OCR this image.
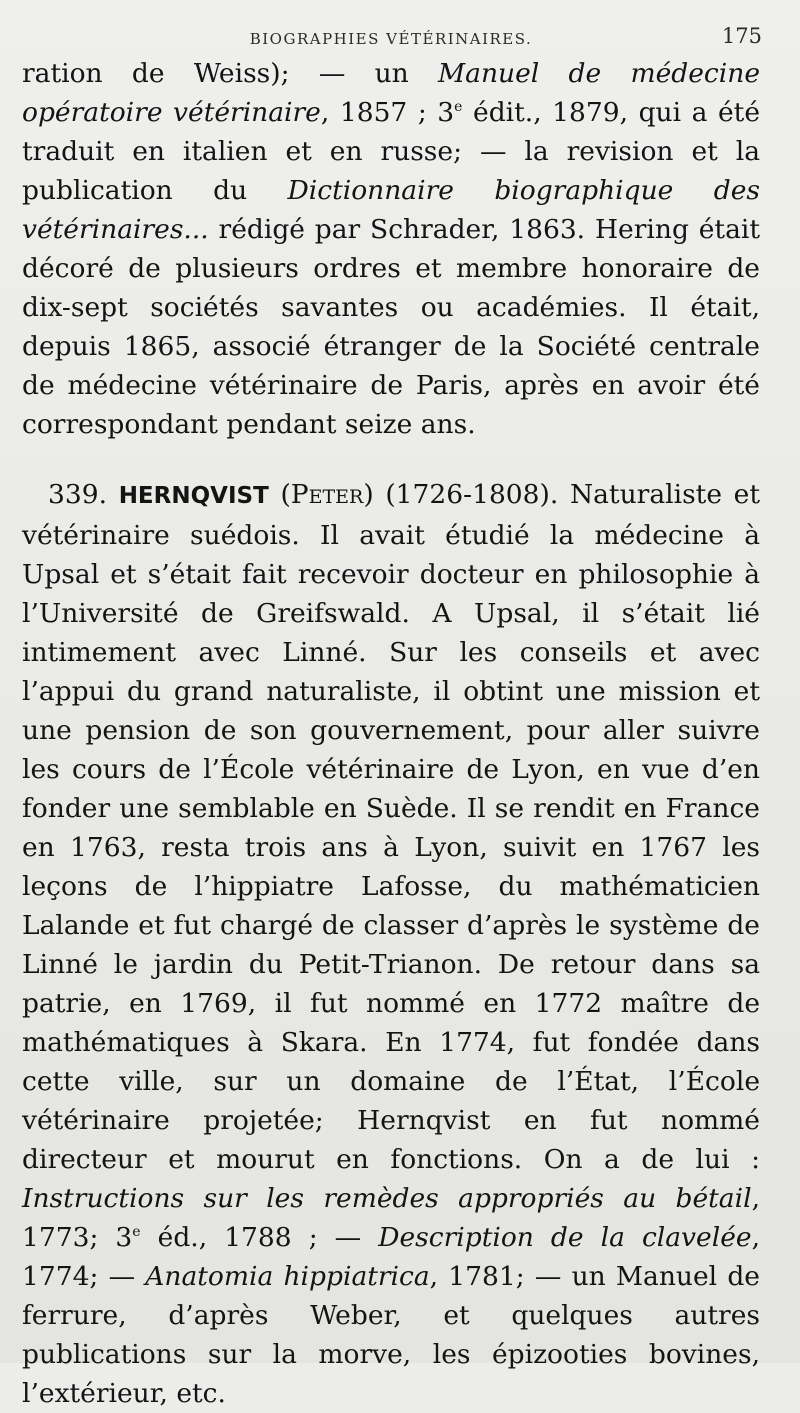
BIOGRAPHIES VÉTÉRINAIRES.	175

ration de Weiss); — un Manuel de médecine opératoire vétérinaire, 1857 ; 3e édit., 1879, qui a été traduit en italien et en russe; — la revision et la publication du Dictionnaire biographique des vétérinaires... rédigé par Schrader, 1863. Hering était décoré de plusieurs ordres et membre honoraire de dix-sept sociétés savantes ou académies. Il était, depuis 1865, associé étranger de la Société centrale de médecine vétérinaire de Paris, après en avoir été correspondant pendant seize ans.

339. HERNQVIST (Peter) (1726-1808). Naturaliste et vétérinaire suédois. Il avait étudié la médecine à Upsal et s’était fait recevoir docteur en philosophie à l’Université de Greifswald. A Upsal, il s’était lié intimement avec Linné. Sur les conseils et avec l’appui du grand naturaliste, il obtint une mission et une pension de son gouvernement, pour aller suivre les cours de l’École vétérinaire de Lyon, en vue d’en fonder une semblable en Suède. Il se rendit en France en 1763, resta trois ans à Lyon, suivit en 1767 les leçons de l’hippiatre Lafosse, du mathématicien Lalande et fut chargé de classer d’après le système de Linné le jardin du Petit-Trianon. De retour dans sa patrie, en 1769, il fut nommé en 1772 maître de mathématiques à Skara. En 1774, fut fondée dans cette ville, sur un domaine de l’État, l’École vétérinaire projetée; Hernqvist en fut nommé directeur et mourut en fonctions. On a de lui : Instructions sur les remèdes appropriés au bétail, 1773; 3e éd., 1788 ; — Description de la clavelée, 1774; — Anatomia hippiatrica, 1781; — un Manuel de ferrure, d’après Weber, et quelques autres publications sur la morve, les épizooties bovines, l’extérieur, etc.
